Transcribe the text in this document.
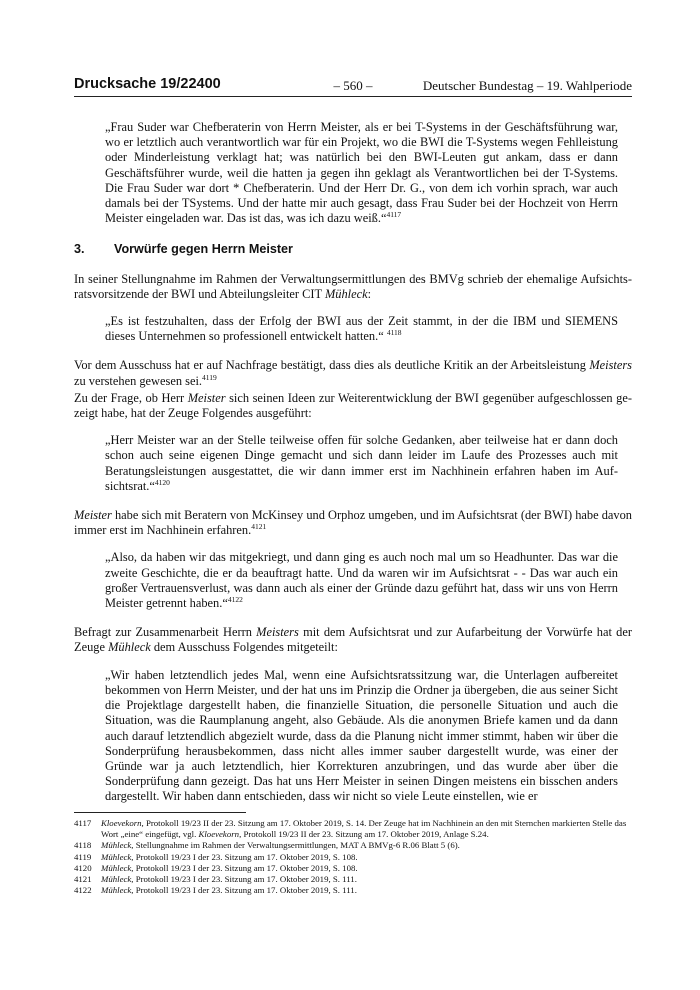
Drucksache 19/22400	– 560 –	Deutscher Bundestag – 19. Wahlperiode
„Frau Suder war Chefberaterin von Herrn Meister, als er bei T-Systems in der Geschäftsführung war, wo er letztlich auch verantwortlich war für ein Projekt, wo die BWI die T-Systems wegen Fehlleistung oder Minderleistung verklagt hat; was natürlich bei den BWI-Leuten gut ankam, dass er dann Geschäftsführer wurde, weil die hatten ja gegen ihn geklagt als Verantwortlichen bei der T-Systems. Die Frau Suder war dort * Chefberaterin. Und der Herr Dr. G., von dem ich vorhin sprach, war auch damals bei der TSystems. Und der hatte mir auch gesagt, dass Frau Suder bei der Hochzeit von Herrn Meister eingeladen war. Das ist das, was ich dazu weiß.“$^{4117}$
3. Vorwürfe gegen Herrn Meister

In seiner Stellungnahme im Rahmen der Verwaltungsermittlungen des BMVg schrieb der ehemalige Aufsichts-ratsvorsitzende der BWI und Abteilungsleiter CIT Mühleck:

„Es ist festzuhalten, dass der Erfolg der BWI aus der Zeit stammt, in der die IBM und SIEMENS dieses Unternehmen so professionell entwickelt hatten.“ $^{4118}$

Vor dem Ausschuss hat er auf Nachfrage bestätigt, dass dies als deutliche Kritik an der Arbeitsleistung Meisters zu verstehen gewesen sei.$^{4119}$

Zu der Frage, ob Herr Meister sich seinen Ideen zur Weiterentwicklung der BWI gegenüber aufgeschlossen ge-zeigt habe, hat der Zeuge Folgendes ausgeführt:

„Herr Meister war an der Stelle teilweise offen für solche Gedanken, aber teilweise hat er dann doch schon auch seine eigenen Dinge gemacht und sich dann leider im Laufe des Prozesses auch mit Beratungsleistungen ausgestattet, die wir dann immer erst im Nachhinein erfahren haben im Auf-sichtsrat.“$^{4120}$

Meister habe sich mit Beratern von McKinsey und Orphoz umgeben, und im Aufsichtsrat (der BWI) habe davon immer erst im Nachhinein erfahren.$^{4121}$

„Also, da haben wir das mitgekriegt, und dann ging es auch noch mal um so Headhunter. Das war die zweite Geschichte, die er da beauftragt hatte. Und da waren wir im Aufsichtsrat - - Das war auch ein großer Vertrauensverlust, was dann auch als einer der Gründe dazu geführt hat, dass wir uns von Herrn Meister getrennt haben.“$^{4122}$

Befragt zur Zusammenarbeit Herrn Meisters mit dem Aufsichtsrat und zur Aufarbeitung der Vorwürfe hat der Zeuge Mühleck dem Ausschuss Folgendes mitgeteilt:

„Wir haben letztendlich jedes Mal, wenn eine Aufsichtsratssitzung war, die Unterlagen aufbereitet bekommen von Herrn Meister, und der hat uns im Prinzip die Ordner ja übergeben, die aus seiner Sicht die Projektlage dargestellt haben, die finanzielle Situation, die personelle Situation und auch die Situation, was die Raumplanung angeht, also Gebäude. Als die anonymen Briefe kamen und da dann auch darauf letztendlich abgezielt wurde, dass da die Planung nicht immer stimmt, haben wir über die Sonderprüfung herausbekommen, dass nicht alles immer sauber dargestellt wurde, was einer der Gründe war ja auch letztendlich, hier Korrekturen anzubringen, und das wurde aber über die Sonderprüfung dann gezeigt. Das hat uns Herr Meister in seinen Dingen meistens ein bisschen anders dargestellt. Wir haben dann entschieden, dass wir nicht so viele Leute einstellen, wie er
4117	Kloevekorn, Protokoll 19/23 II der 23. Sitzung am 17. Oktober 2019, S. 14. Der Zeuge hat im Nachhinein an den mit Sternchen markierten Stelle das Wort „eine“ eingefügt, vgl. Kloevekorn, Protokoll 19/23 II der 23. Sitzung am 17. Oktober 2019, Anlage S.24.
4118	Mühleck, Stellungnahme im Rahmen der Verwaltungsermittlungen, MAT A BMVg-6 R.06 Blatt 5 (6).
4119	Mühleck, Protokoll 19/23 I der 23. Sitzung am 17. Oktober 2019, S. 108.
4120	Mühleck, Protokoll 19/23 I der 23. Sitzung am 17. Oktober 2019, S. 108.
4121	Mühleck, Protokoll 19/23 I der 23. Sitzung am 17. Oktober 2019, S. 111.
4122	Mühleck, Protokoll 19/23 I der 23. Sitzung am 17. Oktober 2019, S. 111.
